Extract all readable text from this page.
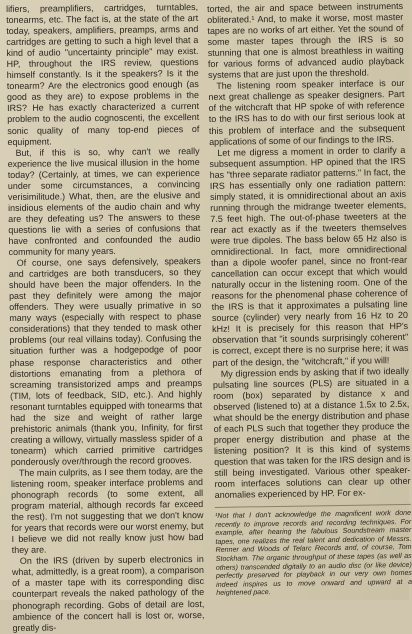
lifiers, preamplifiers, cartridges, turntables, tonearms, etc. The fact is, at the state of the art today, speakers, amplifiers, preamps, arms and cartridges are getting to such a high level that a kind of audio "uncertainty principle" may exist. HP, throughout the IRS review, questions himself constantly. Is it the speakers? Is it the tonearm? Are the electronics good enough (as good as they are) to expose problems in the IRS? He has exactly characterized a current problem to the audio cognoscenti, the excellent sonic quality of many top-end pieces of equipment.

But, if this is so, why can't we really experience the live musical illusion in the home today? (Certainly, at times, we can experience under some circumstances, a convincing verisimilitude.) What, then, are the elusive and insidious elements of the audio chain and why are they defeating us? The answers to these questions lie with a series of confusions that have confronted and confounded the audio community for many years.

Of course, one says defensively, speakers and cartridges are both transducers, so they should have been the major offenders. In the past they definitely were among the major offenders. They were usually primative in so many ways (especially with respect to phase considerations) that they tended to mask other problems (our real villains today). Confusing the situation further was a hodgepodge of poor phase response characteristics and other distortions emanating from a plethora of screaming transistorized amps and preamps (TIM, lots of feedback, SID, etc.). And highly resonant turntables equipped with tonearms that had the size and weight of rather large prehistoric animals (thank you, Infinity, for first creating a willowy, virtually massless spider of a tonearm) which carried primitive cartridges ponderously over/through the record grooves.

The main culprits, as I see them today, are the listening room, speaker interface problems and phonograph records (to some extent, all program material, although records far exceed the rest). I'm not suggesting that we don't know for years that records were our worst enemy, but I believe we did not really know just how bad they are.

On the IRS (driven by superb electronics in what, admittedly, is a great room), a comparison of a master tape with its corresponding disc counterpart reveals the naked pathology of the phonograph recording. Gobs of detail are lost, ambience of the concert hall is lost or, worse, greatly dis-

torted, the air and space between instruments obliterated.¹ And, to make it worse, most master tapes are no works of art either. Yet the sound of some master tapes through the IRS is so stunning that one is almost breathless in waiting for various forms of advanced audio playback systems that are just upon the threshold.

The listening room speaker interface is our next great challenge as speaker designers. Part of the witchcraft that HP spoke of with reference to the IRS has to do with our first serious look at this problem of interface and the subsequent applications of some of our findings to the IRS.

Let me digress a moment in order to clarify a subsequent assumption. HP opined that the IRS has "three separate radiator patterns." In fact, the IRS has essentially only one radiation pattern: simply stated, it is omnidirectional about an axis running through the midrange tweeter elements, 7.5 feet high. The out-of-phase tweeters at the rear act exactly as if the tweeters themselves were true dipoles. The bass below 65 Hz also is omnidirectional. In fact, more omnidirectional than a dipole woofer panel, since no front-rear cancellation can occur except that which would naturally occur in the listening room. One of the reasons for the phenomenal phase coherence of the IRS is that it approximates a pulsating line source (cylinder) very nearly from 16 Hz to 20 kHz! It is precisely for this reason that HP's observation that "it sounds surprisingly coherent" is correct, except there is no surprise here; it was part of the design, the "witchcraft," if you will!

My digression ends by asking that if two ideally pulsating line sources (PLS) are situated in a room (box) separated by distance x and observed (listened to) at a distance 1.5x to 2.5x, what should be the energy distribution and phase of each PLS such that together they produce the proper energy distribution and phase at the listening position? It is this kind of systems question that was taken for the IRS design and is still being investigated. Various other speaker-room interfaces solutions can clear up other anomalies experienced by HP. For ex-

¹Not that I don't acknowledge the magnificent work done recently to improve records and recording techniques. For example, after hearing the fabulous Soundstream master tapes, one realizes the real talent and dedication of Messrs. Renner and Woods of Telarc Records and, of course, Tom Stockham. The organic throughput of these tapes (as well as others) transcended digitally to an audio disc (or like device) perfectly preserved for playback in our very own homes indeed inspires us to move onward and upward at a heightened pace.
